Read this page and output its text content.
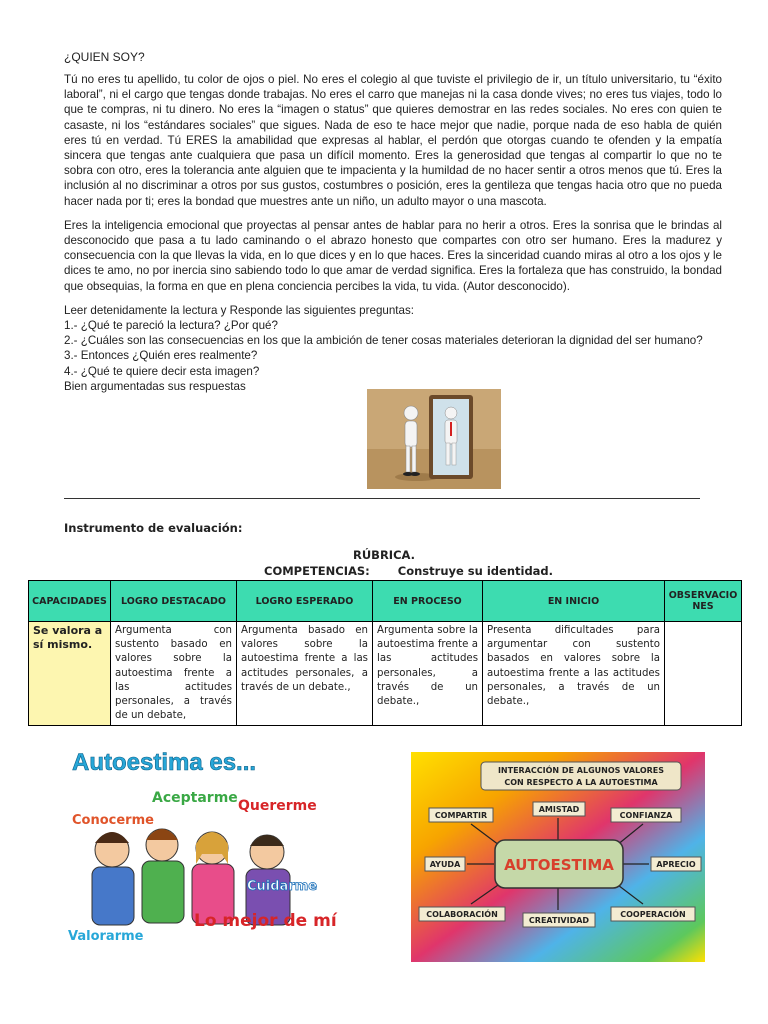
¿QUIEN SOY?

Tú no eres tu apellido, tu color de ojos o piel. No eres el colegio al que tuviste el privilegio de ir, un título universitario, tu “éxito laboral”, ni el cargo que tengas donde trabajas. No eres el carro que manejas ni la casa donde vives; no eres tus viajes, todo lo que te compras, ni tu dinero. No eres la “imagen o status” que quieres demostrar en las redes sociales. No eres con quien te casaste, ni los “estándares sociales” que sigues. Nada de eso te hace mejor que nadie, porque nada de eso habla de quién eres tú en verdad. Tú ERES la amabilidad que expresas al hablar, el perdón que otorgas cuando te ofenden y la empatía sincera que tengas ante cualquiera que pasa un difícil momento. Eres la generosidad que tengas al compartir lo que no te sobra con otro, eres la tolerancia ante alguien que te impacienta y la humildad de no hacer sentir a otros menos que tú. Eres la inclusión al no discriminar a otros por sus gustos, costumbres o posición, eres la gentileza que tengas hacia otro que no pueda hacer nada por ti; eres la bondad que muestres ante un niño, un adulto mayor o una mascota.

Eres la inteligencia emocional que proyectas al pensar antes de hablar para no herir a otros. Eres la sonrisa que le brindas al desconocido que pasa a tu lado caminando o el abrazo honesto que compartes con otro ser humano. Eres la madurez y consecuencia con la que llevas la vida, en lo que dices y en lo que haces. Eres la sinceridad cuando miras al otro a los ojos y le dices te amo, no por inercia sino sabiendo todo lo que amar de verdad significa. Eres la fortaleza que has construido, la bondad que obsequias, la forma en que en plena conciencia percibes la vida, tu vida. (Autor desconocido).

Leer detenidamente la lectura y Responde las siguientes preguntas:

1.- ¿Qué te pareció la lectura? ¿Por qué?

2.- ¿Cuáles son las consecuencias en los que la ambición de tener cosas materiales deterioran la dignidad del ser humano?

3.- Entonces ¿Quién eres realmente?

4.- ¿Qué te quiere decir esta imagen?

Bien argumentadas sus respuestas

Instrumento de evaluación:
RÚBRICA.
COMPETENCIAS: Construye su identidad.
CAPACIDADES	LOGRO DESTACADO	LOGRO ESPERADO	EN PROCESO	EN INICIO	OBSERVACIONES
Se valora a sí mismo.	Argumenta con sustento basado en valores sobre la autoestima frente a las actitudes personales, a través de un debate,	Argumenta basado en valores sobre la autoestima frente a las actitudes personales, a través de un debate.,	Argumenta sobre la autoestima frente a las actitudes personales, a través de un debate.,	Presenta dificultades para argumentar con sustento basados en valores sobre la autoestima frente a las actitudes personales, a través de un debate.,	
Autoestima es...
Aceptarme Quererme
Conocerme
Cuidarme
Valorarme
Lo mejor de mí
INTERACCIÓN DE ALGUNOS VALORES
CON RESPECTO A LA AUTOESTIMA
AUTOESTIMA
COMPARTIR
AMISTAD
CONFIANZA
AYUDA	APRECIO
COLABORACIÓN
CREATIVIDAD
COOPERACIÓN
